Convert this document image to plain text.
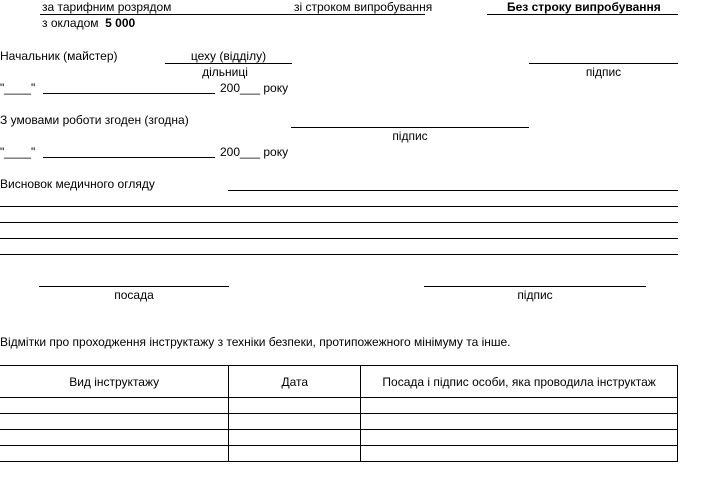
за тарифним розрядом	зі строком випробування	Без строку випробування
з окладом 5 000
Начальник (майстер)	цеху (відділу)
дільниці	підпис
"____"	200___ року
З умовами роботи згоден (згодна)
підпис
"____"	200___ року
Висновок медичного огляду
посада	підпис
Відмітки про проходження інструктажу з техніки безпеки, протипожежного мінімуму та інше.
Вид інструктажу	Дата	Посада і підпис особи, яка проводила інструктаж
